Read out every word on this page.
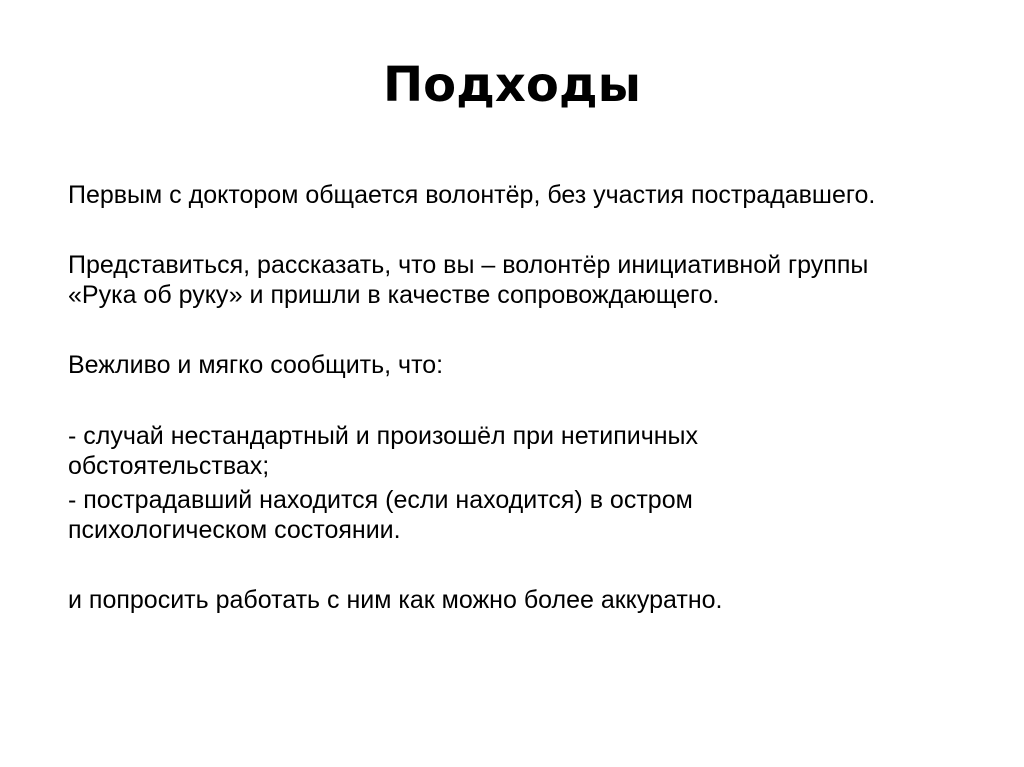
Подходы

Первым с доктором общается волонтёр, без участия пострадавшего.

Представиться, рассказать, что вы – волонтёр инициативной группы
«Рука об руку» и пришли в качестве сопровождающего.

Вежливо и мягко сообщить, что:

- случай нестандартный и произошёл при нетипичных
обстоятельствах;

- пострадавший находится (если находится) в остром
психологическом состоянии.

и попросить работать с ним как можно более аккуратно.
